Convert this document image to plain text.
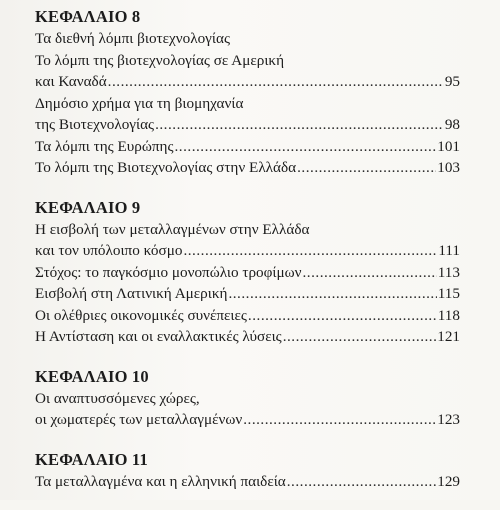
ΚΕΦΑΛΑΙΟ 8
Τα διεθνή λόμπι βιοτεχνολογίας
Το λόμπι της βιοτεχνολογίας σε Αμερική
και Καναδά .....	95
Δημόσιο χρήμα για τη βιομηχανία
της Βιοτεχνολογίας .....	98
Τα λόμπι της Ευρώπης .....	101
Το λόμπι της Βιοτεχνολογίας στην Ελλάδα .....	103
ΚΕΦΑΛΑΙΟ 9
Η εισβολή των μεταλλαγμένων στην Ελλάδα
και τον υπόλοιπο κόσμο .....	111
Στόχος: το παγκόσμιο μονοπώλιο τροφίμων .....	113
Εισβολή στη Λατινική Αμερική .....	115
Οι ολέθριες οικονομικές συνέπειες .....	118
Η Αντίσταση και οι εναλλακτικές λύσεις .....	121
ΚΕΦΑΛΑΙΟ 10
Οι αναπτυσσόμενες χώρες,
οι χωματερές των μεταλλαγμένων .....	123
ΚΕΦΑΛΑΙΟ 11
Τα μεταλλαγμένα και η ελληνική παιδεία .....	129
